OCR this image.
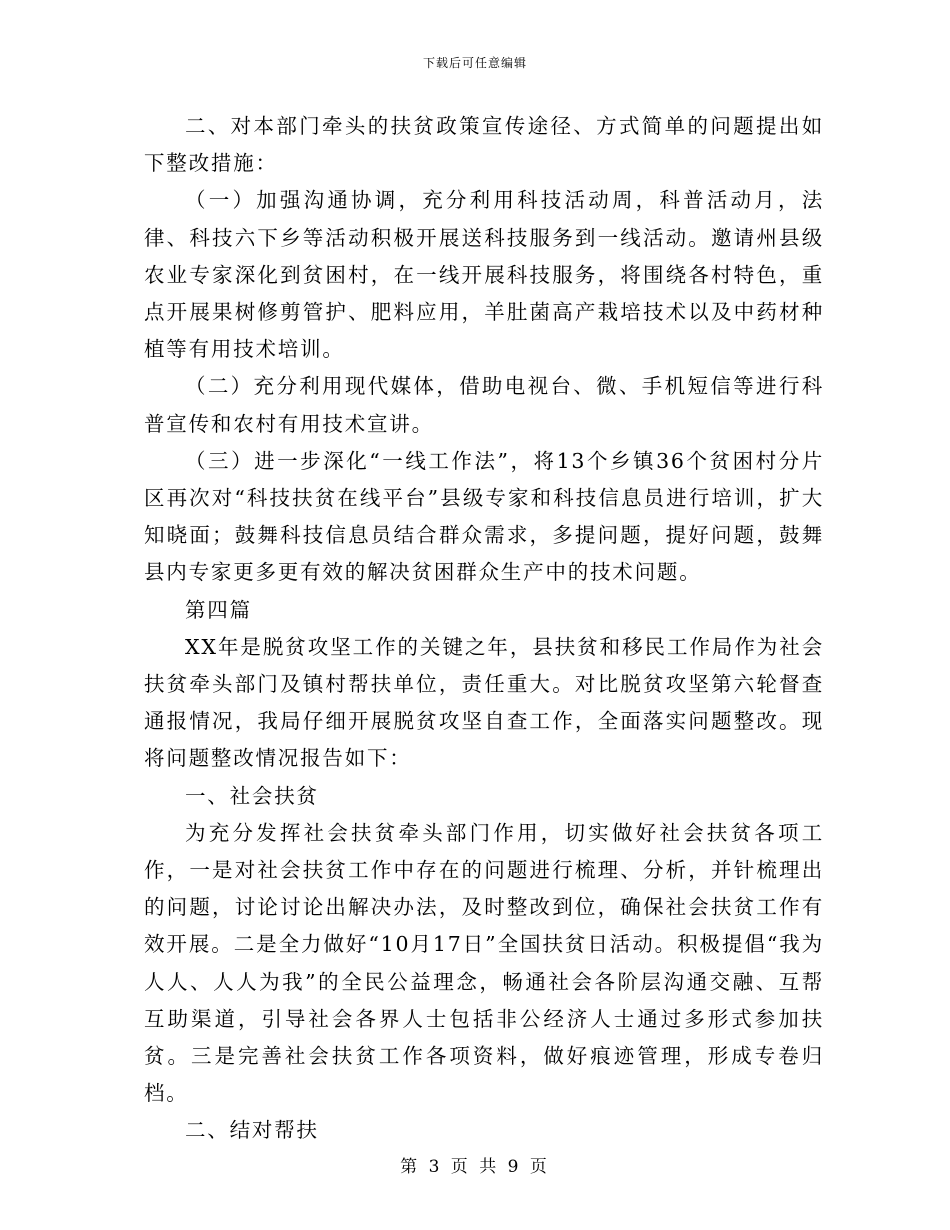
下载后可任意编辑

二、对本部门牵头的扶贫政策宣传途径、方式简单的问题提出如下整改措施：

（一）加强沟通协调，充分利用科技活动周，科普活动月，法律、科技六下乡等活动积极开展送科技服务到一线活动。邀请州县级农业专家深化到贫困村，在一线开展科技服务，将围绕各村特色，重点开展果树修剪管护、肥料应用，羊肚菌高产栽培技术以及中药材种植等有用技术培训。

（二）充分利用现代媒体，借助电视台、微、手机短信等进行科普宣传和农村有用技术宣讲。

（三）进一步深化“一线工作法”，将13个乡镇36个贫困村分片区再次对“科技扶贫在线平台”县级专家和科技信息员进行培训，扩大知晓面；鼓舞科技信息员结合群众需求，多提问题，提好问题，鼓舞县内专家更多更有效的解决贫困群众生产中的技术问题。

第四篇

XX年是脱贫攻坚工作的关键之年，县扶贫和移民工作局作为社会扶贫牵头部门及镇村帮扶单位，责任重大。对比脱贫攻坚第六轮督查通报情况，我局仔细开展脱贫攻坚自查工作，全面落实问题整改。现将问题整改情况报告如下：

一、社会扶贫

为充分发挥社会扶贫牵头部门作用，切实做好社会扶贫各项工作，一是对社会扶贫工作中存在的问题进行梳理、分析，并针梳理出的问题，讨论讨论出解决办法，及时整改到位，确保社会扶贫工作有效开展。二是全力做好“10月17日”全国扶贫日活动。积极提倡“我为人人、人人为我”的全民公益理念，畅通社会各阶层沟通交融、互帮互助渠道，引导社会各界人士包括非公经济人士通过多形式参加扶贫。三是完善社会扶贫工作各项资料，做好痕迹管理，形成专卷归档。

二、结对帮扶

第 3 页 共 9 页
